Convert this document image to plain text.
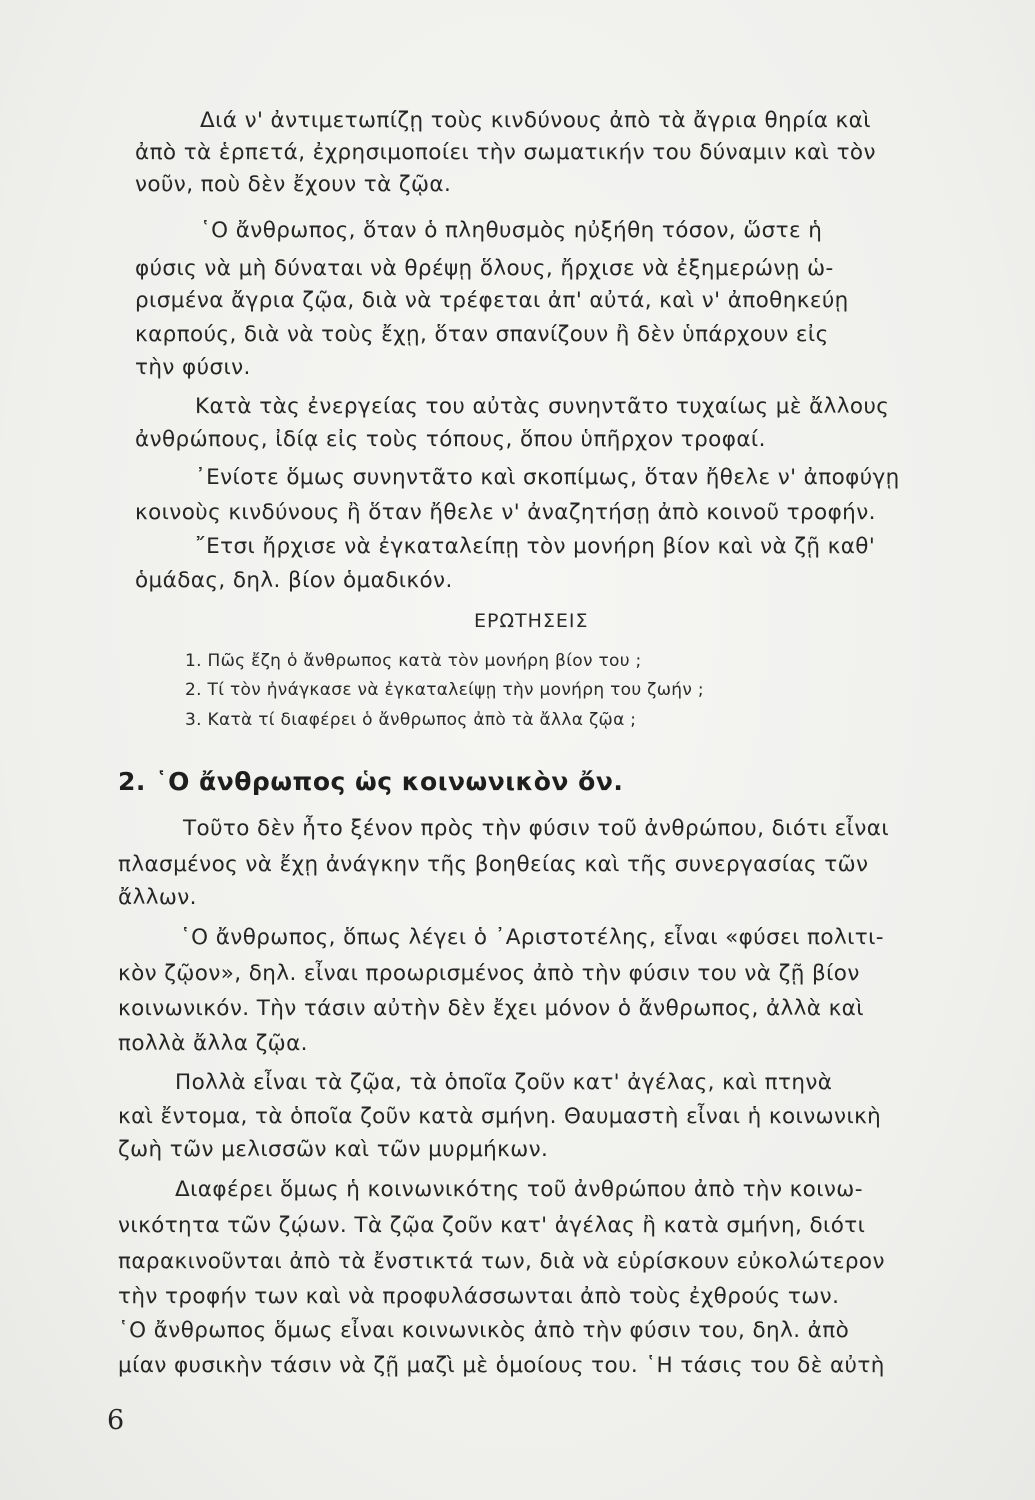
Διά ν' ἀντιμετωπίζῃ τοὺς κινδύνους ἀπὸ τὰ ἄγρια θηρία καὶ
ἀπὸ τὰ ἑρπετά, ἐχρησιμοποίει τὴν σωματικήν του δύναμιν καὶ τὸν
νοῦν, ποὺ δὲν ἔχουν τὰ ζῷα.
῾Ο ἄνθρωπος, ὅταν ὁ πληθυσμὸς ηὐξήθη τόσον, ὥστε ἡ
φύσις νὰ μὴ δύναται νὰ θρέψῃ ὅλους, ἤρχισε νὰ ἐξημερώνῃ ὡ-
ρισμένα ἄγρια ζῷα, διὰ νὰ τρέφεται ἀπ' αὐτά, καὶ ν' ἀποθηκεύῃ
καρπούς, διὰ νὰ τοὺς ἔχῃ, ὅταν σπανίζουν ἢ δὲν ὑπάρχουν εἰς
τὴν φύσιν.
Κατὰ τὰς ἐνεργείας του αὐτὰς συνηντᾶτο τυχαίως μὲ ἄλλους
ἀνθρώπους, ἰδίᾳ εἰς τοὺς τόπους, ὅπου ὑπῆρχον τροφαί.
᾿Ενίοτε ὅμως συνηντᾶτο καὶ σκοπίμως, ὅταν ἤθελε ν' ἀποφύγῃ
κοινοὺς κινδύνους ἢ ὅταν ἤθελε ν' ἀναζητήσῃ ἀπὸ κοινοῦ τροφήν.
῎Ετσι ἤρχισε νὰ ἐγκαταλείπῃ τὸν μονήρη βίον καὶ νὰ ζῇ καθ'
ὁμάδας, δηλ. βίον ὁμαδικόν.
ΕΡΩΤΗΣΕΙΣ
1. Πῶς ἔζη ὁ ἄνθρωπος κατὰ τὸν μονήρη βίον του ;
2. Τί τὸν ἠνάγκασε νὰ ἐγκαταλείψῃ τὴν μονήρη του ζωήν ;
3. Κατὰ τί διαφέρει ὁ ἄνθρωπος ἀπὸ τὰ ἄλλα ζῷα ;
2. ῾Ο ἄνθρωπος ὡς κοινωνικὸν ὄν.
Τοῦτο δὲν ἦτο ξένον πρὸς τὴν φύσιν τοῦ ἀνθρώπου, διότι εἶναι
πλασμένος νὰ ἔχῃ ἀνάγκην τῆς βοηθείας καὶ τῆς συνεργασίας τῶν
ἄλλων.
῾Ο ἄνθρωπος, ὅπως λέγει ὁ ᾿Αριστοτέλης, εἶναι «φύσει πολιτι-
κὸν ζῷον», δηλ. εἶναι προωρισμένος ἀπὸ τὴν φύσιν του νὰ ζῇ βίον
κοινωνικόν. Τὴν τάσιν αὐτὴν δὲν ἔχει μόνον ὁ ἄνθρωπος, ἀλλὰ καὶ
πολλὰ ἄλλα ζῷα.
Πολλὰ εἶναι τὰ ζῷα, τὰ ὁποῖα ζοῦν κατ' ἀγέλας, καὶ πτηνὰ
καὶ ἔντομα, τὰ ὁποῖα ζοῦν κατὰ σμήνη. Θαυμαστὴ εἶναι ἡ κοινωνικὴ
ζωὴ τῶν μελισσῶν καὶ τῶν μυρμήκων.
Διαφέρει ὅμως ἡ κοινωνικότης τοῦ ἀνθρώπου ἀπὸ τὴν κοινω-
νικότητα τῶν ζῴων. Τὰ ζῷα ζοῦν κατ' ἀγέλας ἢ κατὰ σμήνη, διότι
παρακινοῦνται ἀπὸ τὰ ἔνστικτά των, διὰ νὰ εὑρίσκουν εὐκολώτερον
τὴν τροφήν των καὶ νὰ προφυλάσσωνται ἀπὸ τοὺς ἐχθρούς των.
῾Ο ἄνθρωπος ὅμως εἶναι κοινωνικὸς ἀπὸ τὴν φύσιν του, δηλ. ἀπὸ
μίαν φυσικὴν τάσιν νὰ ζῇ μαζὶ μὲ ὁμοίους του. ῾Η τάσις του δὲ αὐτὴ
6
